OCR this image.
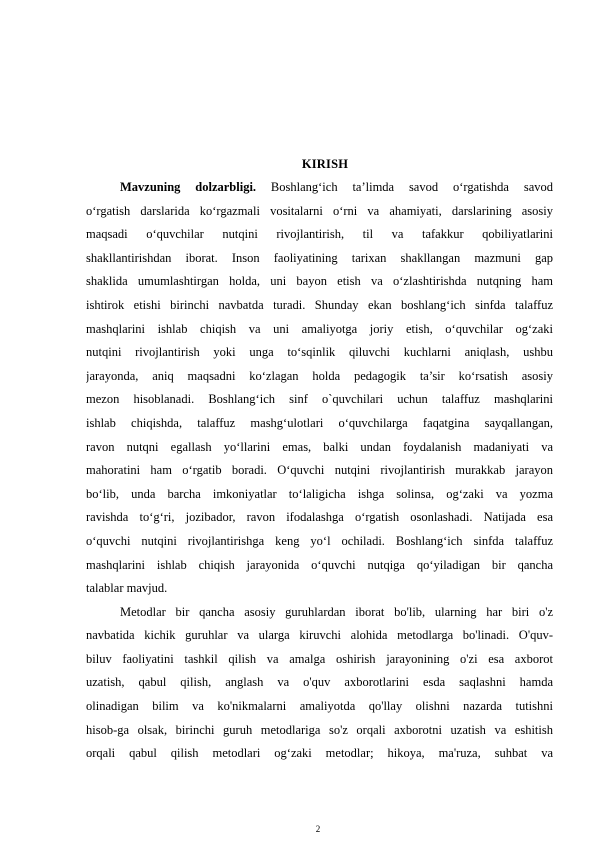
KIRISH
Mavzuning dolzarbligi. Boshlang‘ich ta’limda savod o‘rgatishda savod
o‘rgatish darslarida ko‘rgazmali vositalarni o‘rni va ahamiyati, darslarining asosiy
maqsadi o‘quvchilar nutqini rivojlantirish, til va tafakkur qobiliyatlarini
shakllantirishdan iborat. Inson faoliyatining tarixan shakllangan mazmuni gap
shaklida umumlashtirgan holda, uni bayon etish va o‘zlashtirishda nutqning ham
ishtirok etishi birinchi navbatda turadi. Shunday ekan boshlang‘ich sinfda talaffuz
mashqlarini ishlab chiqish va uni amaliyotga joriy etish, o‘quvchilar og‘zaki
nutqini rivojlantirish yoki unga to‘sqinlik qiluvchi kuchlarni aniqlash, ushbu
jarayonda, aniq maqsadni ko‘zlagan holda pedagogik ta’sir ko‘rsatish asosiy
mezon hisoblanadi. Boshlang‘ich sinf o`quvchilari uchun talaffuz mashqlarini
ishlab chiqishda, talaffuz mashg‘ulotlari o‘quvchilarga faqatgina sayqallangan,
ravon nutqni egallash yo‘llarini emas, balki undan foydalanish madaniyati va
mahoratini ham o‘rgatib boradi. O‘quvchi nutqini rivojlantirish murakkab jarayon
bo‘lib, unda barcha imkoniyatlar to‘laligicha ishga solinsa, og‘zaki va yozma
ravishda to‘g‘ri, jozibador, ravon ifodalashga o‘rgatish osonlashadi. Natijada esa
o‘quvchi nutqini rivojlantirishga keng yo‘l ochiladi. Boshlang‘ich sinfda talaffuz
mashqlarini ishlab chiqish jarayonida o‘quvchi nutqiga qo‘yiladigan bir qancha
talablar mavjud.
Metodlar bir qancha asosiy guruhlardan iborat bo'lib, ularning har biri o'z
navbatida kichik guruhlar va ularga kiruvchi alohida metodlarga bo'linadi. O'quv-
biluv faoliyatini tashkil qilish va amalga oshirish jarayonining o'zi esa axborot
uzatish, qabul qilish, anglash va o'quv axborotlarini esda saqlashni hamda
olinadigan bilim va ko'nikmalarni amaliyotda qo'llay olishni nazarda tutishni
hisob-ga olsak, birinchi guruh metodlariga so'z orqali axborotni uzatish va eshitish
orqali qabul qilish metodlari og‘zaki metodlar; hikoya, ma'ruza, suhbat va
2
